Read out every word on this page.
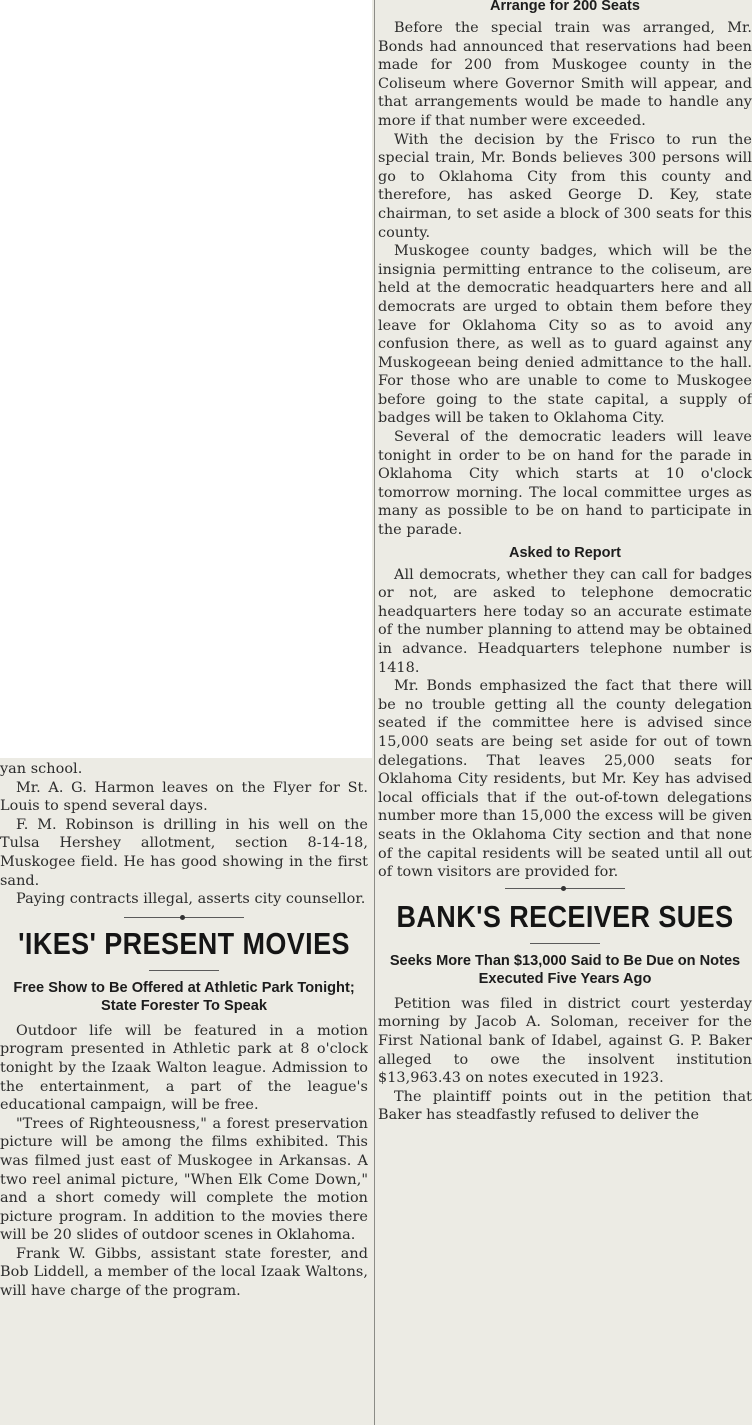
yan school.

Mr. A. G. Harmon leaves on the Flyer for St. Louis to spend several days.

F. M. Robinson is drilling in his well on the Tulsa Hershey allotment, section 8-14-18, Muskogee field. He has good showing in the first sand.

Paying contracts illegal, asserts city counsellor.

'IKES' PRESENT MOVIES

Free Show to Be Offered at Athletic Park Tonight; State Forester To Speak

Outdoor life will be featured in a motion program presented in Athletic park at 8 o'clock tonight by the Izaak Walton league. Admission to the entertainment, a part of the league's educational campaign, will be free.

"Trees of Righteousness," a forest preservation picture will be among the films exhibited. This was filmed just east of Muskogee in Arkansas. A two reel animal picture, "When Elk Come Down," and a short comedy will complete the motion picture program. In addition to the movies there will be 20 slides of outdoor scenes in Oklahoma.

Frank W. Gibbs, assistant state forester, and Bob Liddell, a member of the local Izaak Waltons, will have charge of the program.

Arrange for 200 Seats

Before the special train was arranged, Mr. Bonds had announced that reservations had been made for 200 from Muskogee county in the Coliseum where Governor Smith will appear, and that arrangements would be made to handle any more if that number were exceeded.

With the decision by the Frisco to run the special train, Mr. Bonds believes 300 persons will go to Oklahoma City from this county and therefore, has asked George D. Key, state chairman, to set aside a block of 300 seats for this county.

Muskogee county badges, which will be the insignia permitting entrance to the coliseum, are held at the democratic headquarters here and all democrats are urged to obtain them before they leave for Oklahoma City so as to avoid any confusion there, as well as to guard against any Muskogeean being denied admittance to the hall. For those who are unable to come to Muskogee before going to the state capital, a supply of badges will be taken to Oklahoma City.

Several of the democratic leaders will leave tonight in order to be on hand for the parade in Oklahoma City which starts at 10 o'clock tomorrow morning. The local committee urges as many as possible to be on hand to participate in the parade.

Asked to Report

All democrats, whether they can call for badges or not, are asked to telephone democratic headquarters here today so an accurate estimate of the number planning to attend may be obtained in advance. Headquarters telephone number is 1418.

Mr. Bonds emphasized the fact that there will be no trouble getting all the county delegation seated if the committee here is advised since 15,000 seats are being set aside for out of town delegations. That leaves 25,000 seats for Oklahoma City residents, but Mr. Key has advised local officials that if the out-of-town delegations number more than 15,000 the excess will be given seats in the Oklahoma City section and that none of the capital residents will be seated until all out of town visitors are provided for.

BANK'S RECEIVER SUES

Seeks More Than $13,000 Said to Be Due on Notes Executed Five Years Ago

Petition was filed in district court yesterday morning by Jacob A. Soloman, receiver for the First National bank of Idabel, against G. P. Baker alleged to owe the insolvent institution $13,963.43 on notes executed in 1923.

The plaintiff points out in the petition that Baker has steadfastly refused to deliver the
